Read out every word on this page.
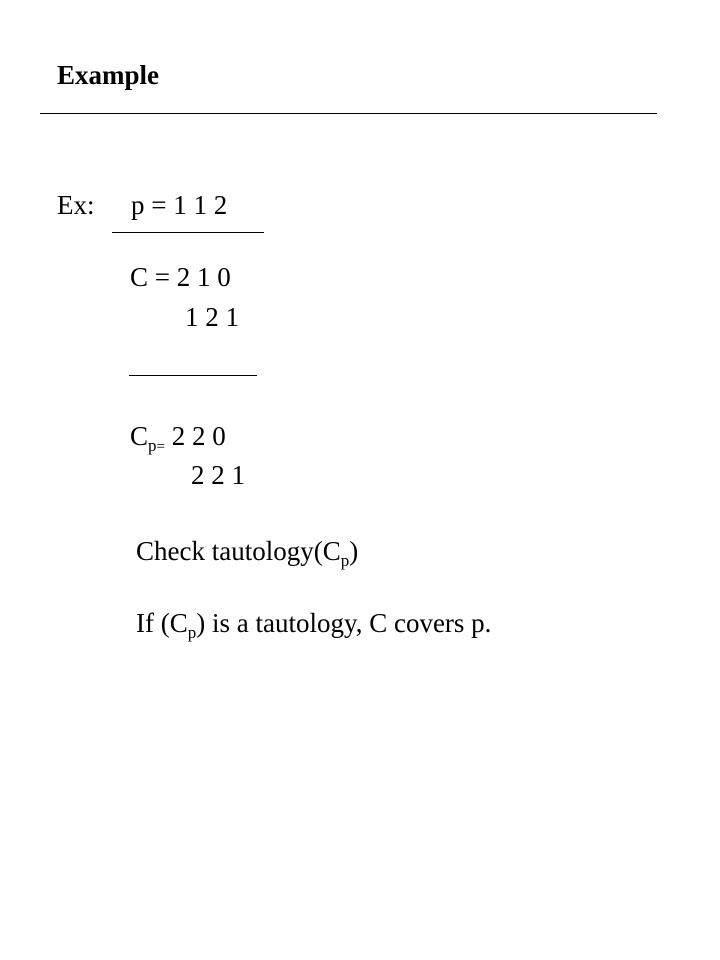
Example
Ex: p = 1 1 2
C = 2 1 0
1 2 1
$C_{p=}$ 2 2 0
2 2 1
Check $tautology(C_p)$
If $(C_p)$ is a tautology, C covers p.
